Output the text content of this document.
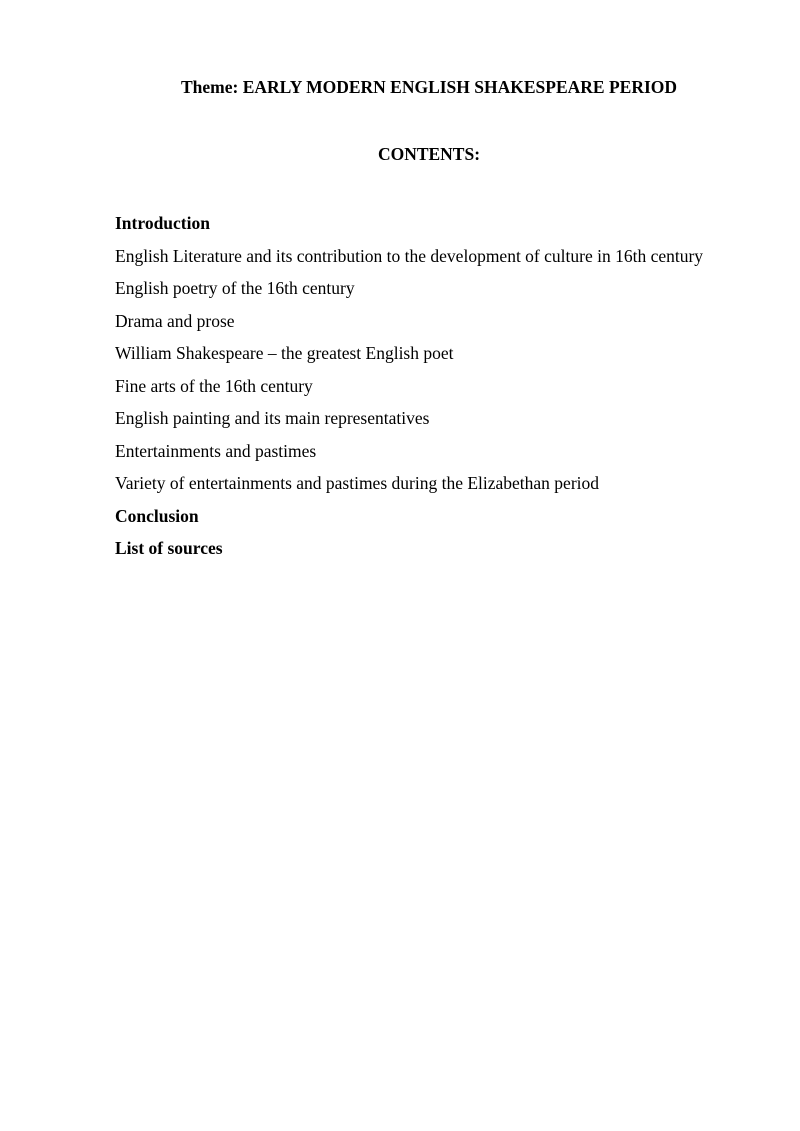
Theme: EARLY MODERN ENGLISH SHAKESPEARE PERIOD
CONTENTS:
Introduction
English Literature and its contribution to the development of culture in 16th century
English poetry of the 16th century
Drama and prose
William Shakespeare – the greatest English poet
Fine arts of the 16th century
English painting and its main representatives
Entertainments and pastimes
Variety of entertainments and pastimes during the Elizabethan period
Conclusion
List of sources
